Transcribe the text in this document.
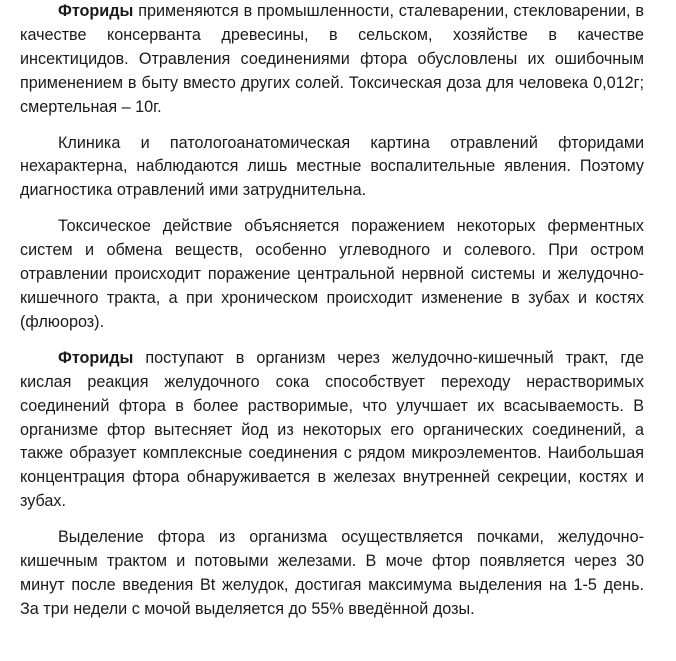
Фториды применяются в промышленности, сталеварении, стекловарении, в качестве консерванта древесины, в сельском, хозяйстве в качестве инсектицидов. Отравления соединениями фтора обусловлены их ошибочным применением в быту вместо других солей. Токсическая доза для человека 0,012г; смертельная – 10г.

Клиника и патологоанатомическая картина отравлений фторидами нехарактерна, наблюдаются лишь местные воспалительные явления. Поэтому диагностика отравлений ими затруднительна.

Токсическое действие объясняется поражением некоторых ферментных систем и обмена веществ, особенно углеводного и солевого. При остром отравлении происходит поражение центральной нервной системы и желудочно-кишечного тракта, а при хроническом происходит изменение в зубах и костях (флюороз).

Фториды поступают в организм через желудочно-кишечный тракт, где кислая реакция желудочного сока способствует переходу нерастворимых соединений фтора в более растворимые, что улучшает их всасываемость. В организме фтор вытесняет йод из некоторых его органических соединений, а также образует комплексные соединения с рядом микроэлементов. Наибольшая концентрация фтора обнаруживается в железах внутренней секреции, костях и зубах.

Выделение фтора из организма осуществляется почками, желудочно-кишечным трактом и потовыми железами. В моче фтор появляется через 30 минут после введения Bt желудок, достигая максимума выделения на 1-5 день. За три недели с мочой выделяется до 55% введённой дозы.
